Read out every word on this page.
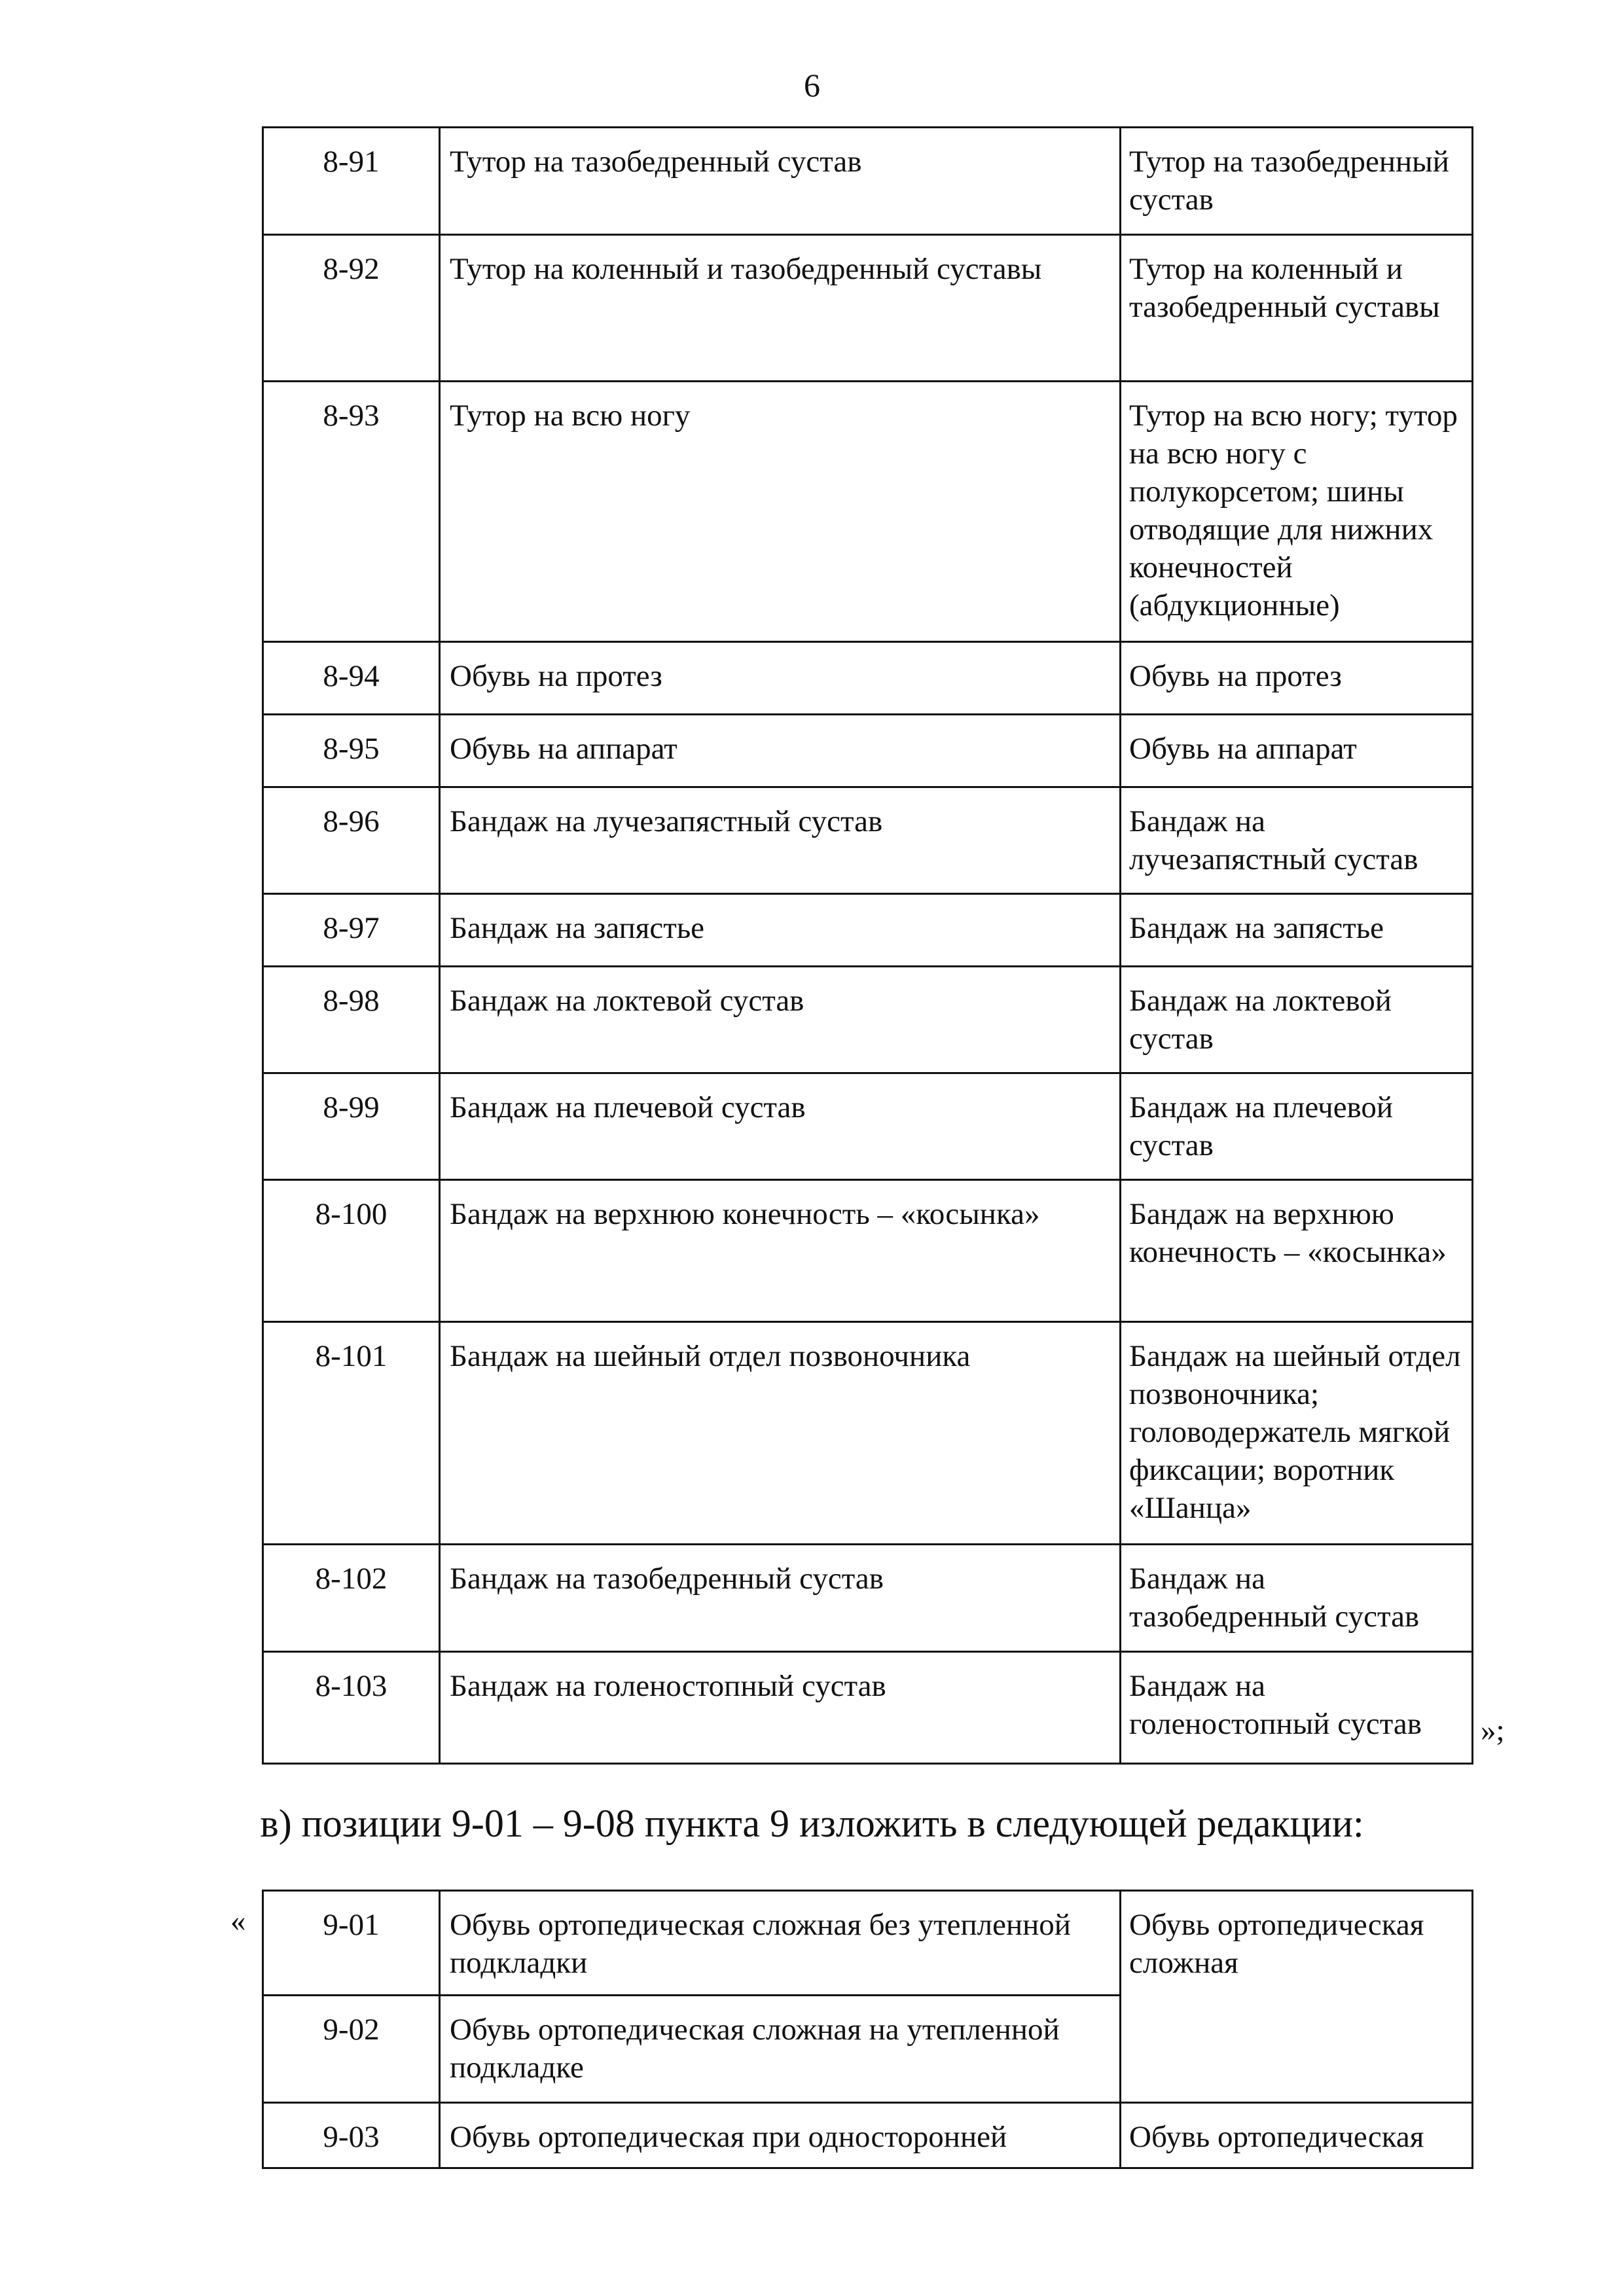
6
8-91	Тутор на тазобедренный сустав	Тутор на тазобедренный сустав
8-92	Тутор на коленный и тазобедренный суставы	Тутор на коленный и тазобедренный суставы
8-93	Тутор на всю ногу	Тутор на всю ногу; тутор на всю ногу с полукорсетом; шины отводящие для нижних конечностей (абдукционные)
8-94	Обувь на протез	Обувь на протез
8-95	Обувь на аппарат	Обувь на аппарат
8-96	Бандаж на лучезапястный сустав	Бандаж на лучезапястный сустав
8-97	Бандаж на запястье	Бандаж на запястье
8-98	Бандаж на локтевой сустав	Бандаж на локтевой сустав
8-99	Бандаж на плечевой сустав	Бандаж на плечевой сустав
8-100	Бандаж на верхнюю конечность – «косынка»	Бандаж на верхнюю конечность – «косынка»
8-101	Бандаж на шейный отдел позвоночника	Бандаж на шейный отдел позвоночника; головодержатель мягкой фиксации; воротник «Шанца»
8-102	Бандаж на тазобедренный сустав	Бандаж на тазобедренный сустав
8-103	Бандаж на голеностопный сустав	Бандаж на голеностопный сустав »;
в) позиции 9-01 – 9-08 пункта 9 изложить в следующей редакции:
«	9-01	Обувь ортопедическая сложная без утепленной подкладки	Обувь ортопедическая сложная
9-02	Обувь ортопедическая сложная на утепленной подкладке	
9-03	Обувь ортопедическая при односторонней	Обувь ортопедическая
